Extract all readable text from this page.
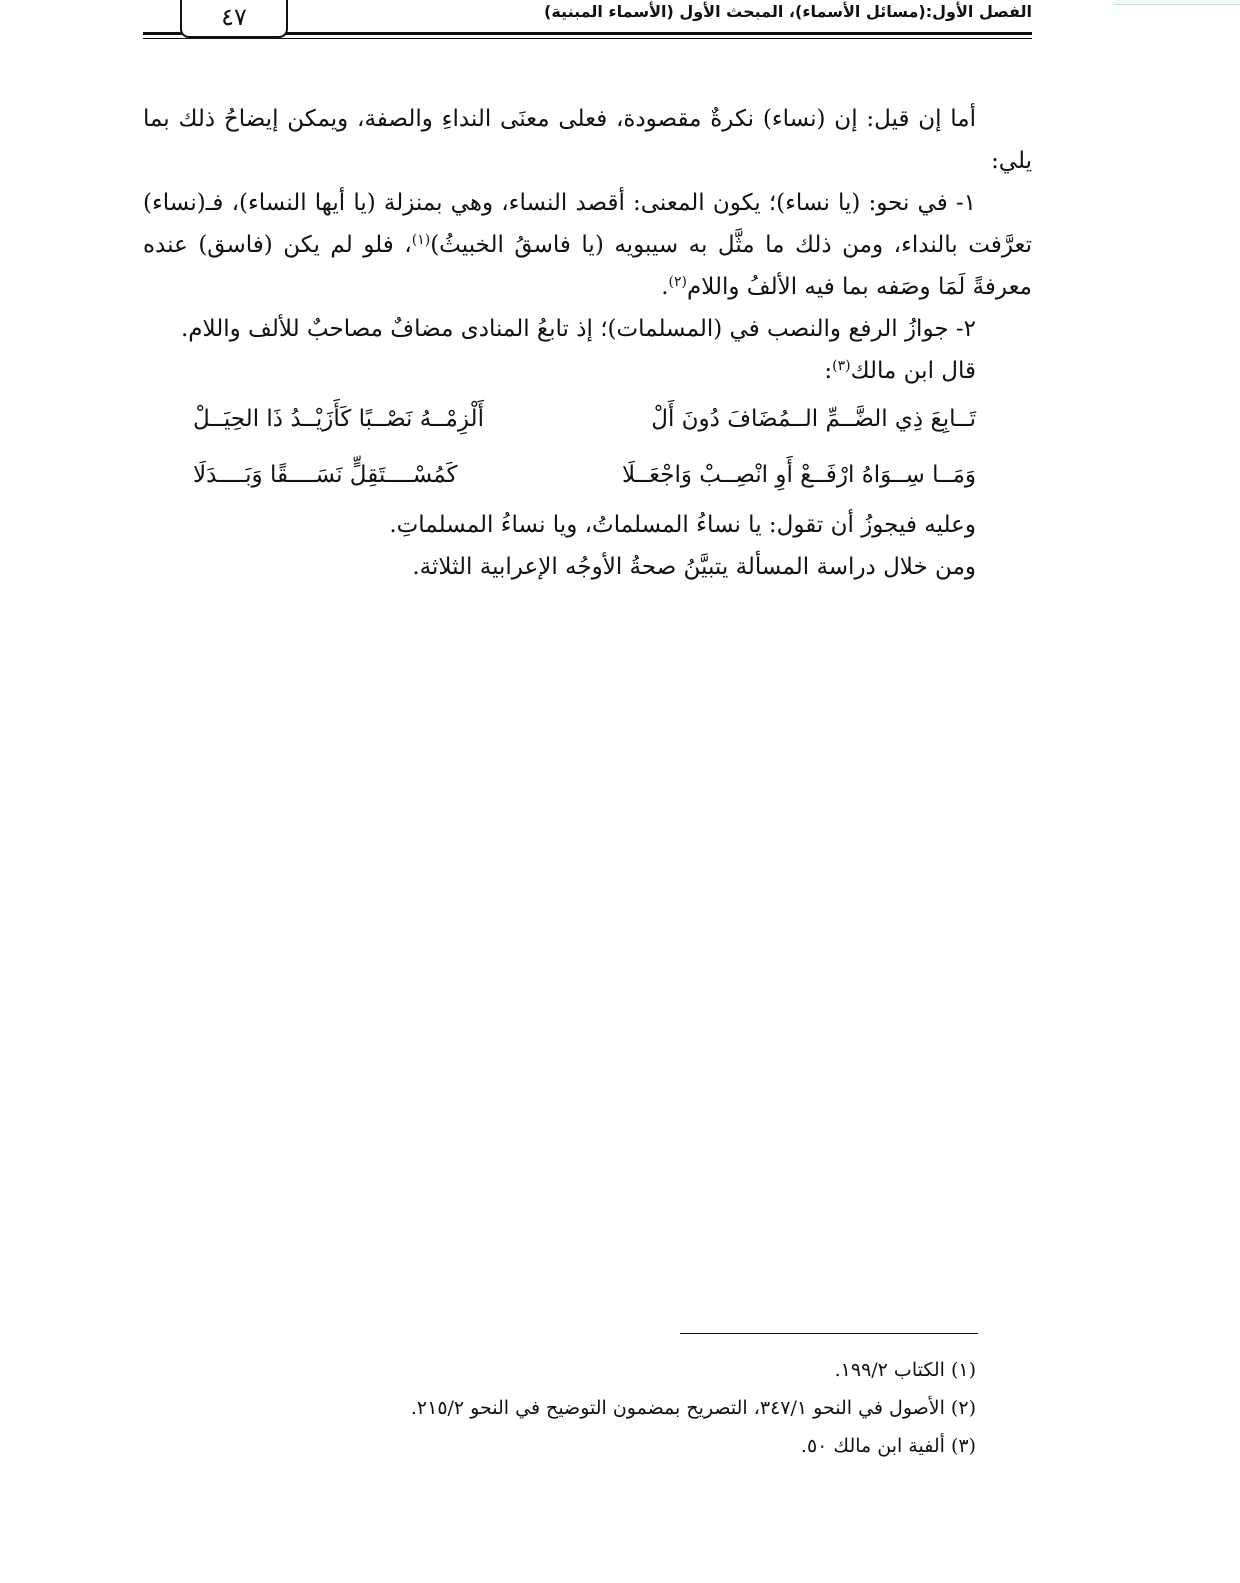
٤٧	الفصل الأول:(مسائل الأسماء)، المبحث الأول (الأسماء المبنية)

أما إن قيل: إن (نساء) نكرةٌ مقصودة، فعلى معنَى النداءِ والصفة، ويمكن إيضاحُ ذلك بما يلي:

١- في نحو: (يا نساء)؛ يكون المعنى: أقصد النساء، وهي بمنزلة (يا أيها النساء)، فـ(نساء) تعرَّفت بالنداء، ومن ذلك ما مثَّل به سيبويه (يا فاسقُ الخبيثُ)$^{(١)}$، فلو لم يكن (فاسق) عنده معرفةً لَمَا وصَفه بما فيه الألفُ واللام$^{(٢)}$.

٢- جوازُ الرفع والنصب في (المسلمات)؛ إذ تابعُ المنادى مضافٌ مصاحبٌ للألف واللام.

قال ابن مالك$^{(٣)}$:

تَــابِعَ ذِي الضَّــمِّ الــمُضَافَ دُونَ أَلْ
أَلْزِمْــهُ نَصْــبًا كَأَزَيْــدُ ذَا الحِيَــلْ
وَمَــا سِــوَاهُ ارْفَــعْ أَوِ انْصِــبْ وَاجْعَــلَا
كَمُسْــــتَقِلٍّ نَسَــــقًا وَبَــــدَلَا

وعليه فيجوزُ أن تقول: يا نساءُ المسلماتُ، ويا نساءُ المسلماتِ.

ومن خلال دراسة المسألة يتبيَّنُ صحةُ الأوجُه الإعرابية الثلاثة.

(١) الكتاب ١٩٩/٢.

(٢) الأصول في النحو ٣٤٧/١، التصريح بمضمون التوضيح في النحو ٢١٥/٢.

(٣) ألفية ابن مالك ٥٠.
